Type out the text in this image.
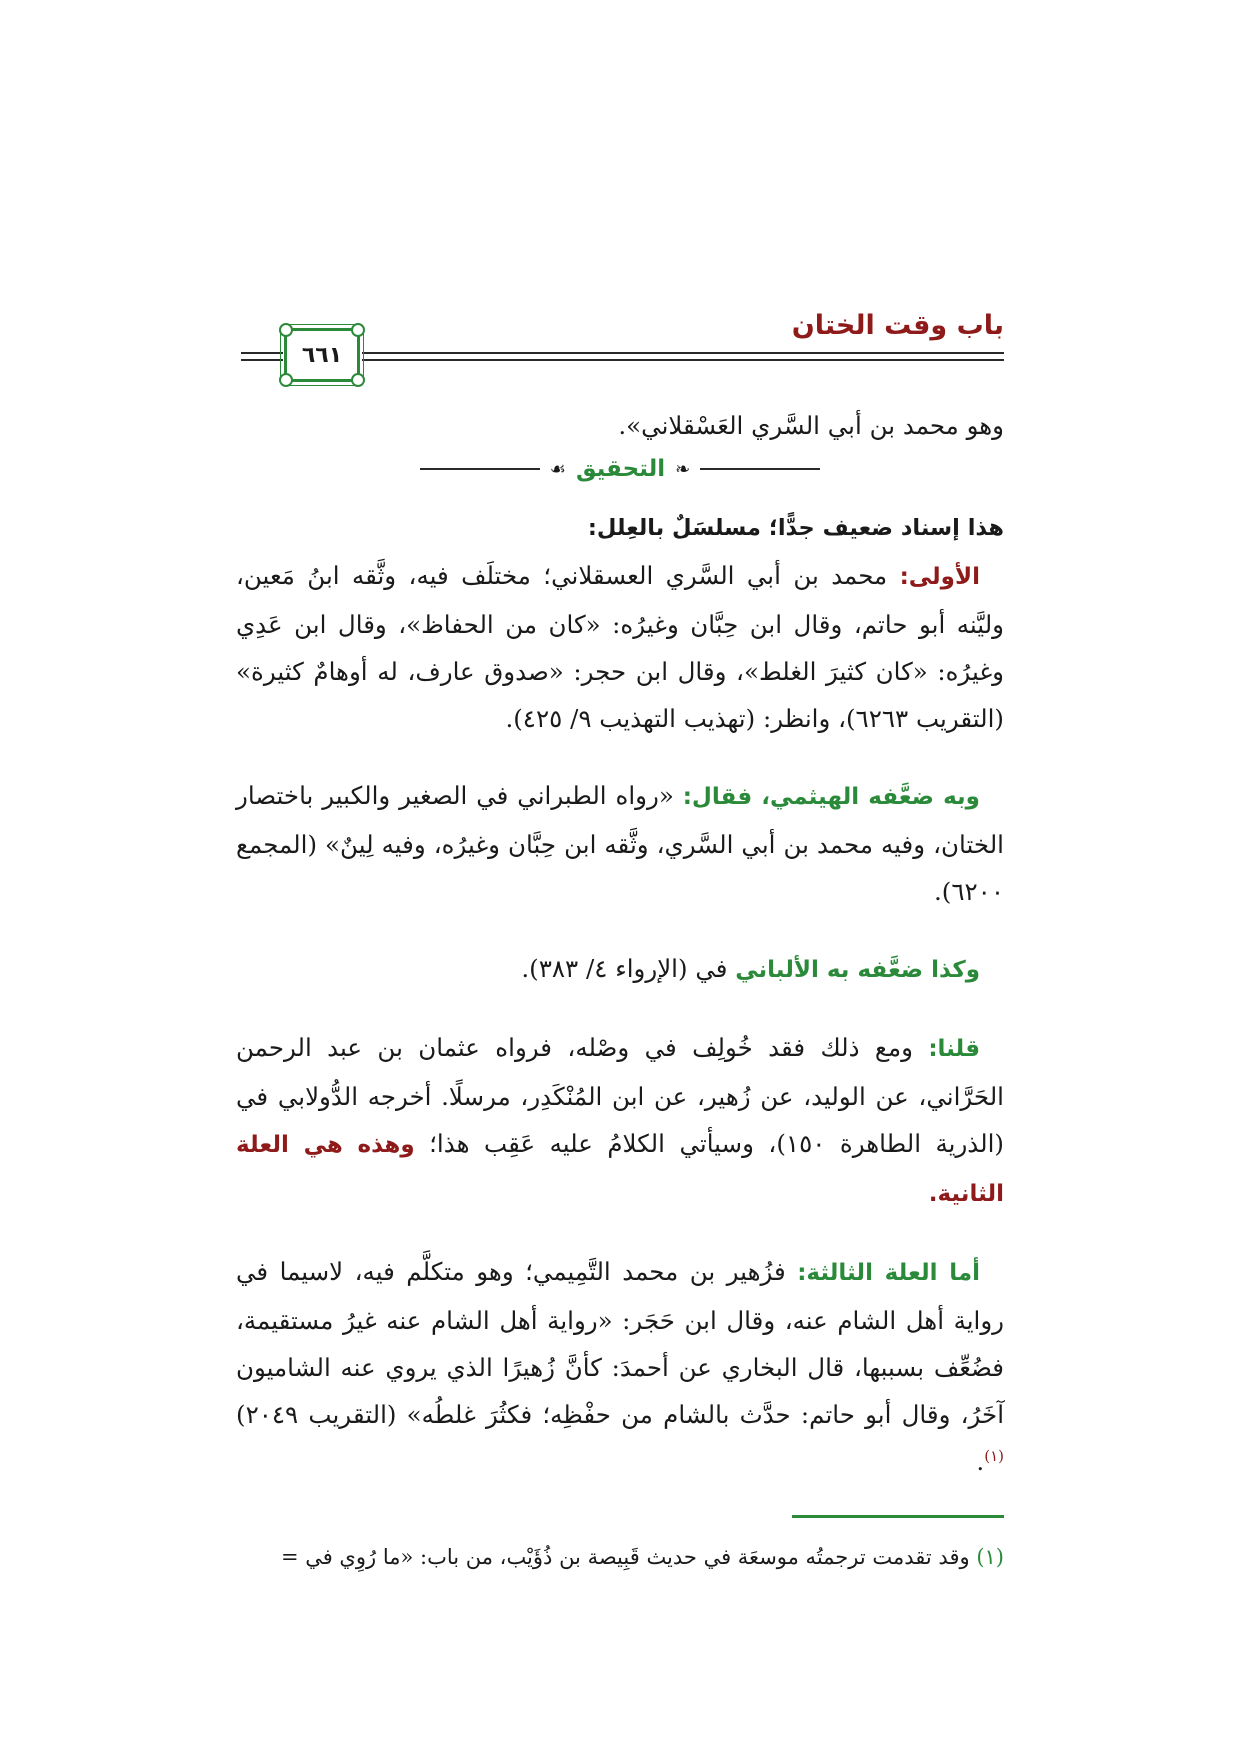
باب وقت الختان
٦٦١

وهو محمد بن أبي السَّري العَسْقلاني».

❧
التحقيق
☙

هذا إسناد ضعيف جدًّا؛ مسلسَلٌ بالعِلل:

الأولى: محمد بن أبي السَّري العسقلاني؛ مختلَف فيه، وثَّقه ابنُ مَعين، وليَّنه أبو حاتم، وقال ابن حِبَّان وغيرُه: «كان من الحفاظ»، وقال ابن عَدِي وغيرُه: «كان كثيرَ الغلط»، وقال ابن حجر: «صدوق عارف، له أوهامٌ كثيرة» (التقريب ٦٢٦٣)، وانظر: (تهذيب التهذيب ٩/ ٤٢٥).

وبه ضعَّفه الهيثمي، فقال: «رواه الطبراني في الصغير والكبير باختصار الختان، وفيه محمد بن أبي السَّري، وثَّقه ابن حِبَّان وغيرُه، وفيه لِينٌ» (المجمع ٦٢٠٠).

وكذا ضعَّفه به الألباني في (الإرواء ٤/ ٣٨٣).

قلنا: ومع ذلك فقد خُولِف في وصْله، فرواه عثمان بن عبد الرحمن الحَرَّاني، عن الوليد، عن زُهير، عن ابن المُنْكَدِر، مرسلًا. أخرجه الدُّولابي في (الذرية الطاهرة ١٥٠)، وسيأتي الكلامُ عليه عَقِب هذا؛ وهذه هي العلة الثانية.

أما العلة الثالثة: فزُهير بن محمد التَّمِيمي؛ وهو متكلَّم فيه، لاسيما في رواية أهل الشام عنه، وقال ابن حَجَر: «رواية أهل الشام عنه غيرُ مستقيمة، فضُعِّف بسببها، قال البخاري عن أحمدَ: كأنَّ زُهيرًا الذي يروي عنه الشاميون آخَرُ، وقال أبو حاتم: حدَّث بالشام من حفْظِه؛ فكثُرَ غلطُه» (التقريب ٢٠٤٩)$^{(١)}$.

(١) وقد تقدمت ترجمتُه موسعَة في حديث قَبِيصة بن ذُؤَيْب، من باب: «ما رُوِي في =
